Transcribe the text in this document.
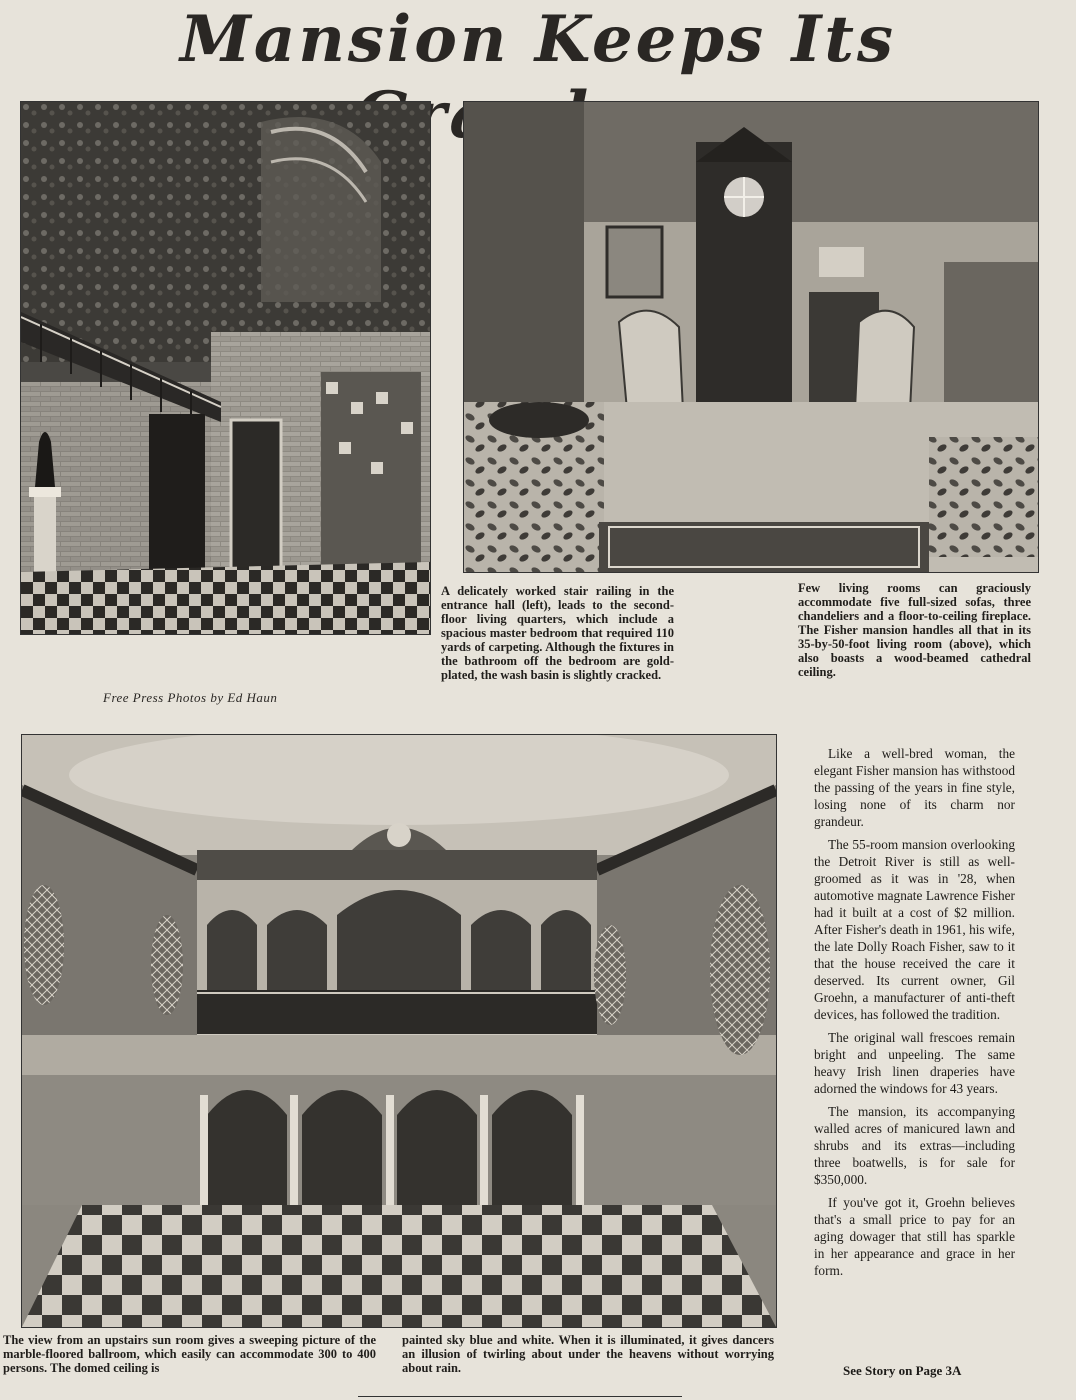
Mansion Keeps Its
Free Press Photos by Ed Haun
A delicately worked stair railing in the entrance hall (left), leads to the second-floor living quarters, which include a spacious master bedroom that required 110 yards of carpeting. Although the fixtures in the bathroom off the bedroom are gold-plated, the wash basin is slightly cracked.
Few living rooms can graciously accommodate five full-sized sofas, three chandeliers and a floor-to-ceiling fireplace. The Fisher mansion handles all that in its 35-by-50-foot living room (above), which also boasts a wood-beamed cathedral ceiling.
The view from an upstairs sun room gives a sweeping picture of the marble-floored ballroom, which easily can accommodate 300 to 400 persons. The domed ceiling is
painted sky blue and white. When it is illuminated, it gives dancers an illusion of twirling about under the heavens without worrying about rain.

Like a well-bred woman, the elegant Fisher mansion has withstood the passing of the years in fine style, losing none of its charm nor grandeur.

The 55-room mansion overlooking the Detroit River is still as well-groomed as it was in '28, when automotive magnate Lawrence Fisher had it built at a cost of $2 million. After Fisher's death in 1961, his wife, the late Dolly Roach Fisher, saw to it that the house received the care it deserved. Its current owner, Gil Groehn, a manufacturer of anti-theft devices, has followed the tradition.

The original wall frescoes remain bright and unpeeling. The same heavy Irish linen draperies have adorned the windows for 43 years.

The mansion, its accompanying walled acres of manicured lawn and shrubs and its extras—including three boatwells, is for sale for $350,000.

If you've got it, Groehn believes that's a small price to pay for an aging dowager that still has sparkle in her appearance and grace in her form.

See Story on Page 3A
